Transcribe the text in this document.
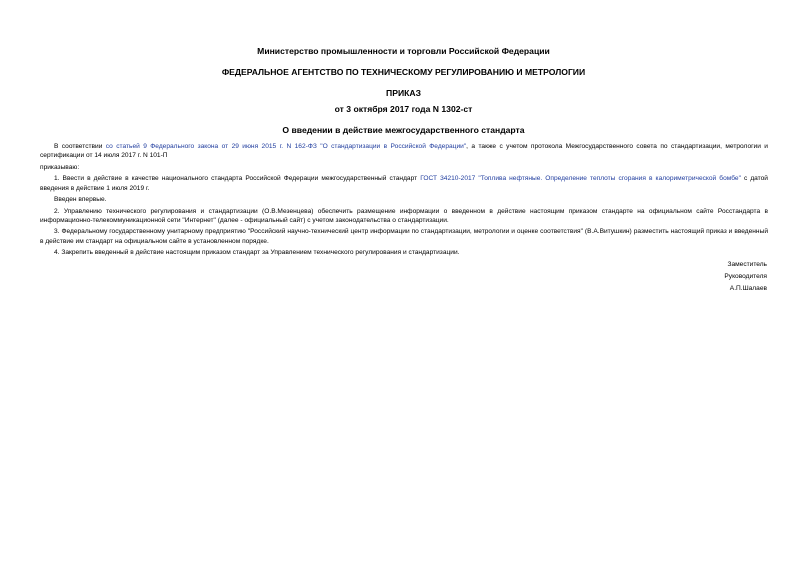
Министерство промышленности и торговли Российской Федерации
ФЕДЕРАЛЬНОЕ АГЕНТСТВО ПО ТЕХНИЧЕСКОМУ РЕГУЛИРОВАНИЮ И МЕТРОЛОГИИ
ПРИКАЗ
от 3 октября 2017 года N 1302-ст
О введении в действие межгосударственного стандарта

В соответствии со статьей 9 Федерального закона от 29 июня 2015 г. N 162-ФЗ "О стандартизации в Российской Федерации", а также с учетом протокола Межгосударственного совета по стандартизации, метрологии и сертификации от 14 июля 2017 г. N 101-П

приказываю:

1. Ввести в действие в качестве национального стандарта Российской Федерации межгосударственный стандарт ГОСТ 34210-2017 "Топлива нефтяные. Определение теплоты сгорания в калориметрической бомбе" с датой введения в действие 1 июля 2019 г.

Введен впервые.

2. Управлению технического регулирования и стандартизации (О.В.Мезенцева) обеспечить размещение информации о введенном в действие настоящим приказом стандарте на официальном сайте Росстандарта в информационно-телекоммуникационной сети "Интернет" (далее - официальный сайт) с учетом законодательства о стандартизации.

3. Федеральному государственному унитарному предприятию "Российский научно-технический центр информации по стандартизации, метрологии и оценке соответствия" (В.А.Витушкин) разместить настоящий приказ и введенный в действие им стандарт на официальном сайте в установленном порядке.

4. Закрепить введенный в действие настоящим приказом стандарт за Управлением технического регулирования и стандартизации.

Заместитель
Руководителя
А.П.Шалаев
